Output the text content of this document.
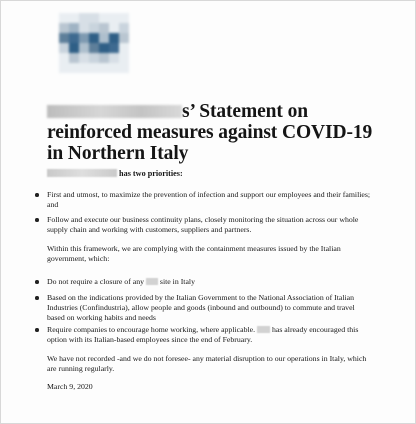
s’ Statement on reinforced measures against COVID-19 in Northern Italy
has two priorities:
First and utmost, to maximize the prevention of infection and support our employees and their families; and
Follow and execute our business continuity plans, closely monitoring the situation across our whole supply chain and working with customers, suppliers and partners.
Within this framework, we are complying with the containment measures issued by the Italian government, which:
Do not require a closure of any site in Italy
Based on the indications provided by the Italian Government to the National Association of Italian Industries (Confindustria), allow people and goods (inbound and outbound) to commute and travel based on working habits and needs
Require companies to encourage home working, where applicable. has already encouraged this option with its Italian-based employees since the end of February.
We have not recorded -and we do not foresee- any material disruption to our operations in Italy, which are running regularly.
March 9, 2020
